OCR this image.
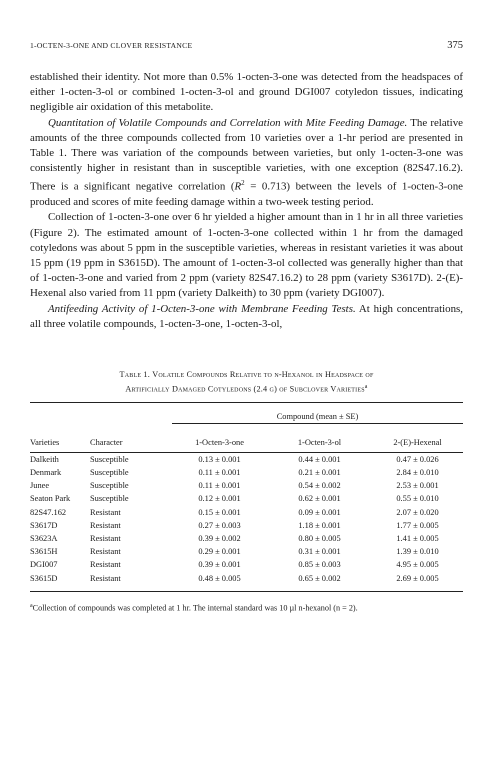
1-OCTEN-3-ONE AND CLOVER RESISTANCE	375

established their identity. Not more than 0.5% 1-octen-3-one was detected from the headspaces of either 1-octen-3-ol or combined 1-octen-3-ol and ground DGI007 cotyledon tissues, indicating negligible air oxidation of this metabolite.

Quantitation of Volatile Compounds and Correlation with Mite Feeding Damage. The relative amounts of the three compounds collected from 10 varieties over a 1-hr period are presented in Table 1. There was variation of the compounds between varieties, but only 1-octen-3-one was consistently higher in resistant than in susceptible varieties, with one exception (82S47.16.2). There is a significant negative correlation $(R^2 = 0.713)$ between the levels of 1-octen-3-one produced and scores of mite feeding damage within a two-week testing period.

Collection of 1-octen-3-one over 6 hr yielded a higher amount than in 1 hr in all three varieties (Figure 2). The estimated amount of 1-octen-3-one collected within 1 hr from the damaged cotyledons was about 5 ppm in the susceptible varieties, whereas in resistant varieties it was about 15 ppm (19 ppm in S3615D). The amount of 1-octen-3-ol collected was generally higher than that of 1-octen-3-one and varied from 2 ppm (variety 82S47.16.2) to 28 ppm (variety S3617D). 2-(E)-Hexenal also varied from 11 ppm (variety Dalkeith) to 30 ppm (variety DGI007).

Antifeeding Activity of 1-Octen-3-one with Membrane Feeding Tests. At high concentrations, all three volatile compounds, 1-octen-3-one, 1-octen-3-ol,

Table 1. Volatile Compounds Relative to n-Hexanol in Headspace of
Artificially Damaged Cotyledons (2.4 g) of Subclover Varieties$^a$

		Compound (mean ± SE)		

Varieties	Character	1-Octen-3-one	1-Octen-3-ol	2-(E)-Hexenal
Dalkeith	Susceptible	0.13 ± 0.001	0.44 ± 0.001	0.47 ± 0.026
Denmark	Susceptible	0.11 ± 0.001	0.21 ± 0.001	2.84 ± 0.010
Junee	Susceptible	0.11 ± 0.001	0.54 ± 0.002	2.53 ± 0.001
Seaton Park	Susceptible	0.12 ± 0.001	0.62 ± 0.001	0.55 ± 0.010
82S47.162	Resistant	0.15 ± 0.001	0.09 ± 0.001	2.07 ± 0.020
S3617D	Resistant	0.27 ± 0.003	1.18 ± 0.001	1.77 ± 0.005
S3623A	Resistant	0.39 ± 0.002	0.80 ± 0.005	1.41 ± 0.005
S3615H	Resistant	0.29 ± 0.001	0.31 ± 0.001	1.39 ± 0.010
DGI007	Resistant	0.39 ± 0.001	0.85 ± 0.003	4.95 ± 0.005
S3615D	Resistant	0.48 ± 0.005	0.65 ± 0.002	2.69 ± 0.005
$^a$Collection of compounds was completed at 1 hr. The internal standard was 10 µl n-hexanol (n = 2).
